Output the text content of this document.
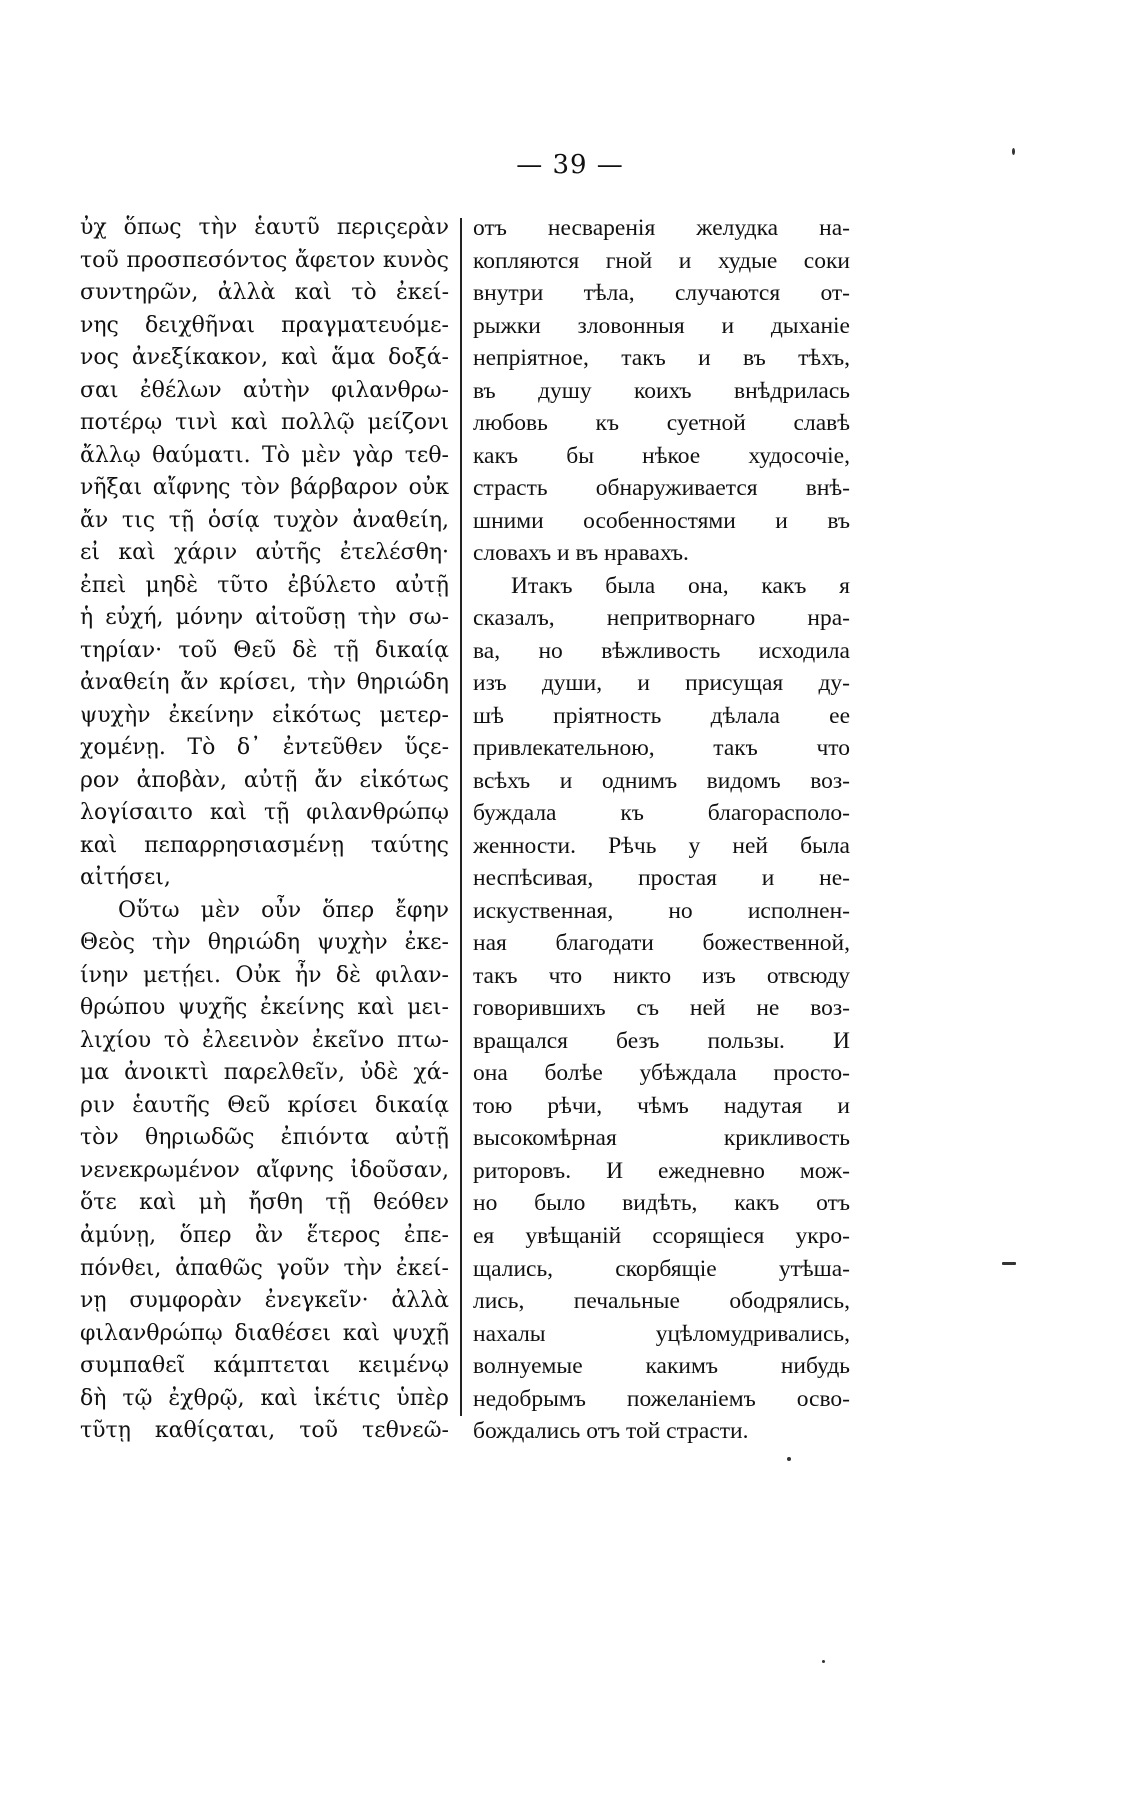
— 39 —
ὐχ ὅπως τὴν ἑαυτῦ περιςερὰν
τοῦ προσπεσόντος ἄφετον κυνὸς
συντηρῶν, ἀλλὰ καὶ τὸ ἐκεί-
νης δειχθῆναι πραγματευόμε-
νος ἀνεξίκακον, καὶ ἅμα δοξά-
σαι ἐθέλων αὐτὴν φιλανθρω-
ποτέρῳ τινὶ καὶ πολλῷ μείζονι
ἄλλῳ θαύματι. Τὸ μὲν γὰρ τεθ-
νῆξαι αἴφνης τὸν βάρβαρον οὐκ
ἄν τις τῇ ὁσίᾳ τυχὸν ἀναθείη,
εἰ καὶ χάριν αὐτῆς ἐτελέσθη·
ἐπεὶ μηδὲ τῦτο ἐβύλετο αὐτῇ
ἡ εὐχή, μόνην αἰτοῦσῃ τὴν σω-
τηρίαν· τοῦ Θεῦ δὲ τῇ δικαίᾳ
ἀναθείη ἄν κρίσει, τὴν θηριώδη
ψυχὴν ἐκείνην εἰκότως μετερ-
χομένῃ. Τὸ δ᾽ ἐντεῦθεν ὕςε-
ρον ἀποβὰν, αὐτῇ ἄν εἰκότως
λογίσαιτο καὶ τῇ φιλανθρώπῳ
καὶ πεπαρρησιασμένῃ ταύτης
αἰτήσει,
Οὕτω μὲν οὖν ὅπερ ἔφην
Θεὸς τὴν θηριώδη ψυχὴν ἐκε-
ίνην μετῄει. Οὐκ ἦν δὲ φιλαν-
θρώπου ψυχῆς ἐκείνης καὶ μει-
λιχίου τὸ ἐλεεινὸν ἐκεῖνο πτω-
μα ἀνοικτὶ παρελθεῖν, ὐδὲ χά-
ριν ἑαυτῆς Θεῦ κρίσει δικαίᾳ
τὸν θηριωδῶς ἐπιόντα αὐτῇ
νενεκρωμένον αἴφνης ἰδοῦσαν,
ὅτε καὶ μὴ ἤσθη τῇ θεόθεν
ἀμύνῃ, ὅπερ ἂν ἕτερος ἐπε-
πόνθει, ἀπαθῶς γοῦν τὴν ἐκεί-
νῃ συμφορὰν ἐνεγκεῖν· ἀλλὰ
φιλανθρώπῳ διαθέσει καὶ ψυχῇ
συμπαθεῖ κάμπτεται κειμένῳ
δὴ τῷ ἐχθρῷ, καὶ ἱκέτις ὑπὲρ
τῦτῃ καθίςαται, τοῦ τεθνεῶ-
отъ несваренія желудка на-
копляются гной и худые соки
внутри тѣла, случаются от-
рыжки зловонныя и дыханіе
непріятное, такъ и въ тѣхъ,
въ душу коихъ внѣдрилась
любовь къ суетной славѣ
какъ бы нѣкое худосочіе,
страсть обнаруживается внѣ-
шними особенностями и въ
словахъ и въ нравахъ.
Итакъ была она, какъ я
сказалъ, непритворнаго нра-
ва, но вѣжливость исходила
изъ души, и присущая ду-
шѣ пріятность дѣлала ее
привлекательною, такъ что
всѣхъ и однимъ видомъ воз-
буждала къ благорасполо-
женности. Рѣчь у ней была
неспѣсивая, простая и не-
искуственная, но исполнен-
ная благодати божественной,
такъ что никто изъ отвсюду
говорившихъ съ ней не воз-
вращался безъ пользы. И
она болѣе убѣждала просто-
тою рѣчи, чѣмъ надутая и
высокомѣрная крикливость
риторовъ. И ежедневно мож-
но было видѣть, какъ отъ
ея увѣщаній ссорящіеся укро-
щались, скорбящіе утѣша-
лись, печальные ободрялись,
нахалы уцѣломудривались,
волнуемые какимъ нибудь
недобрымъ пожеланіемъ осво-
бождались отъ той страсти.
